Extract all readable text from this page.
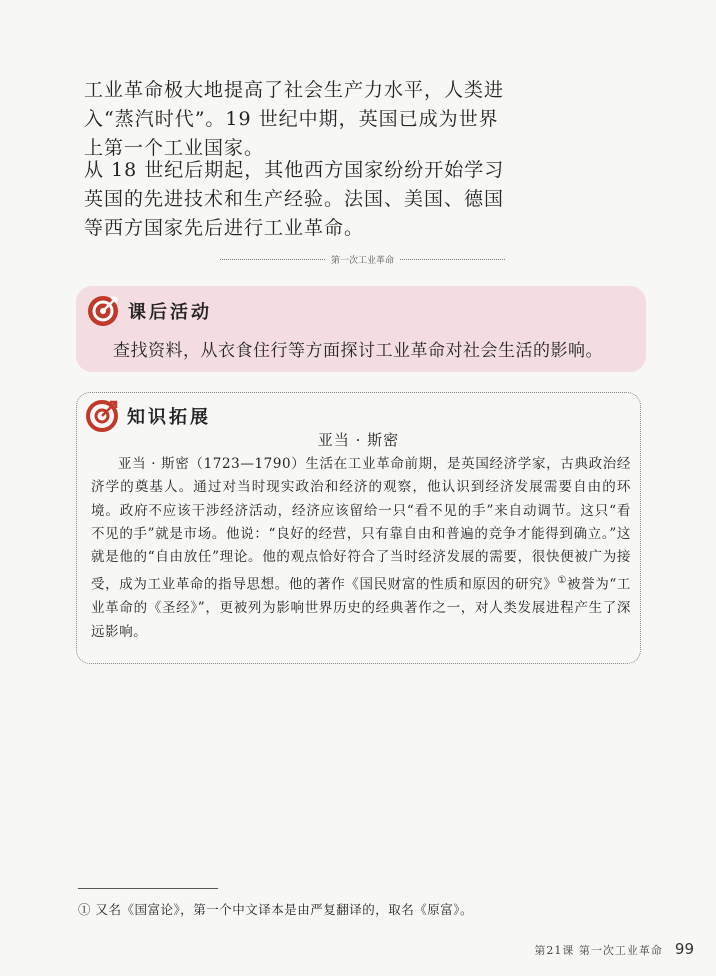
工业革命极大地提高了社会生产力水平，人类进入“蒸汽时代”。19 世纪中期，英国已成为世界上第一个工业国家。

从 18 世纪后期起，其他西方国家纷纷开始学习英国的先进技术和生产经验。法国、美国、德国等西方国家先后进行工业革命。

第一次工业革命
课后活动
查找资料，从衣食住行等方面探讨工业革命对社会生活的影响。
知识拓展
亚当 · 斯密

亚当 · 斯密（1723—1790）生活在工业革命前期，是英国经济学家，古典政治经济学的奠基人。通过对当时现实政治和经济的观察，他认识到经济发展需要自由的环境。政府不应该干涉经济活动，经济应该留给一只“看不见的手”来自动调节。这只“看不见的手”就是市场。他说：“良好的经营，只有靠自由和普遍的竞争才能得到确立。”这就是他的“自由放任”理论。他的观点恰好符合了当时经济发展的需要，很快便被广为接受，成为工业革命的指导思想。他的著作《国民财富的性质和原因的研究》①被誉为“工业革命的《圣经》”，更被列为影响世界历史的经典著作之一，对人类发展进程产生了深远影响。

① 又名《国富论》，第一个中文译本是由严复翻译的，取名《原富》。
第21课 第一次工业革命 99
